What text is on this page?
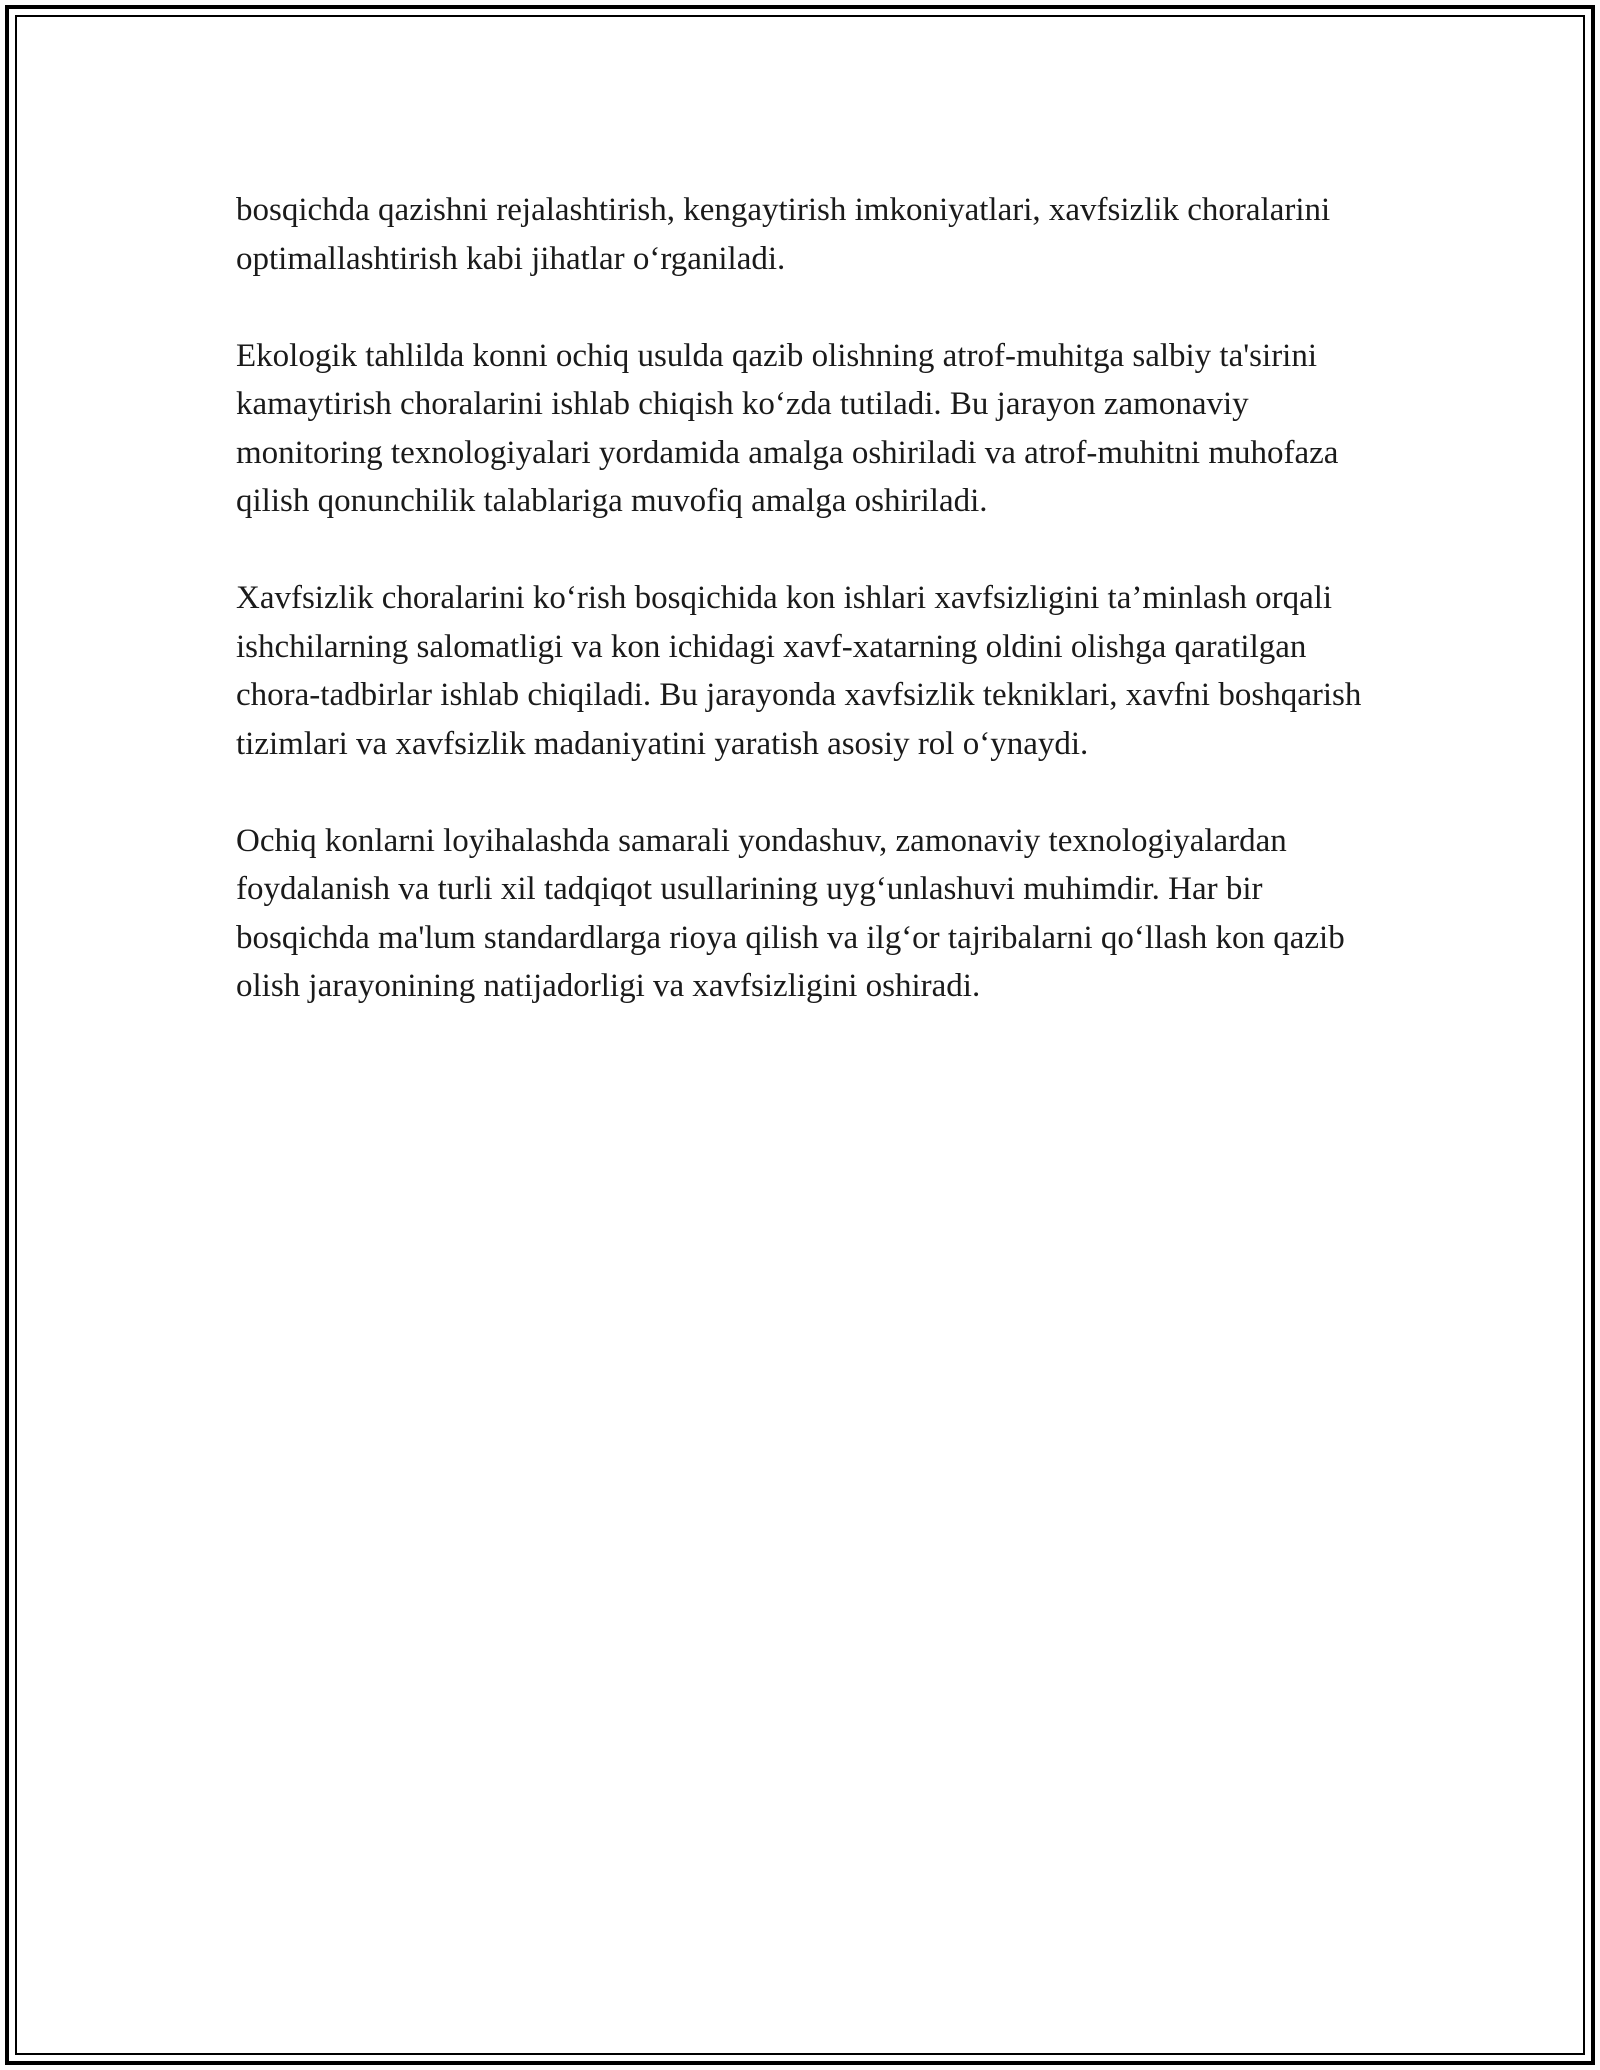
bosqichda qazishni rejalashtirish, kengaytirish imkoniyatlari, xavfsizlik choralarini optimallashtirish kabi jihatlar o‘rganiladi.

Ekologik tahlilda konni ochiq usulda qazib olishning atrof-muhitga salbiy ta'sirini kamaytirish choralarini ishlab chiqish ko‘zda tutiladi. Bu jarayon zamonaviy monitoring texnologiyalari yordamida amalga oshiriladi va atrof-muhitni muhofaza qilish qonunchilik talablariga muvofiq amalga oshiriladi.

Xavfsizlik choralarini ko‘rish bosqichida kon ishlari xavfsizligini ta’minlash orqali ishchilarning salomatligi va kon ichidagi xavf-xatarning oldini olishga qaratilgan chora-tadbirlar ishlab chiqiladi. Bu jarayonda xavfsizlik tekniklari, xavfni boshqarish tizimlari va xavfsizlik madaniyatini yaratish asosiy rol o‘ynaydi.

Ochiq konlarni loyihalashda samarali yondashuv, zamonaviy texnologiyalardan foydalanish va turli xil tadqiqot usullarining uyg‘unlashuvi muhimdir. Har bir bosqichda ma'lum standardlarga rioya qilish va ilg‘or tajribalarni qo‘llash kon qazib olish jarayonining natijadorligi va xavfsizligini oshiradi.
